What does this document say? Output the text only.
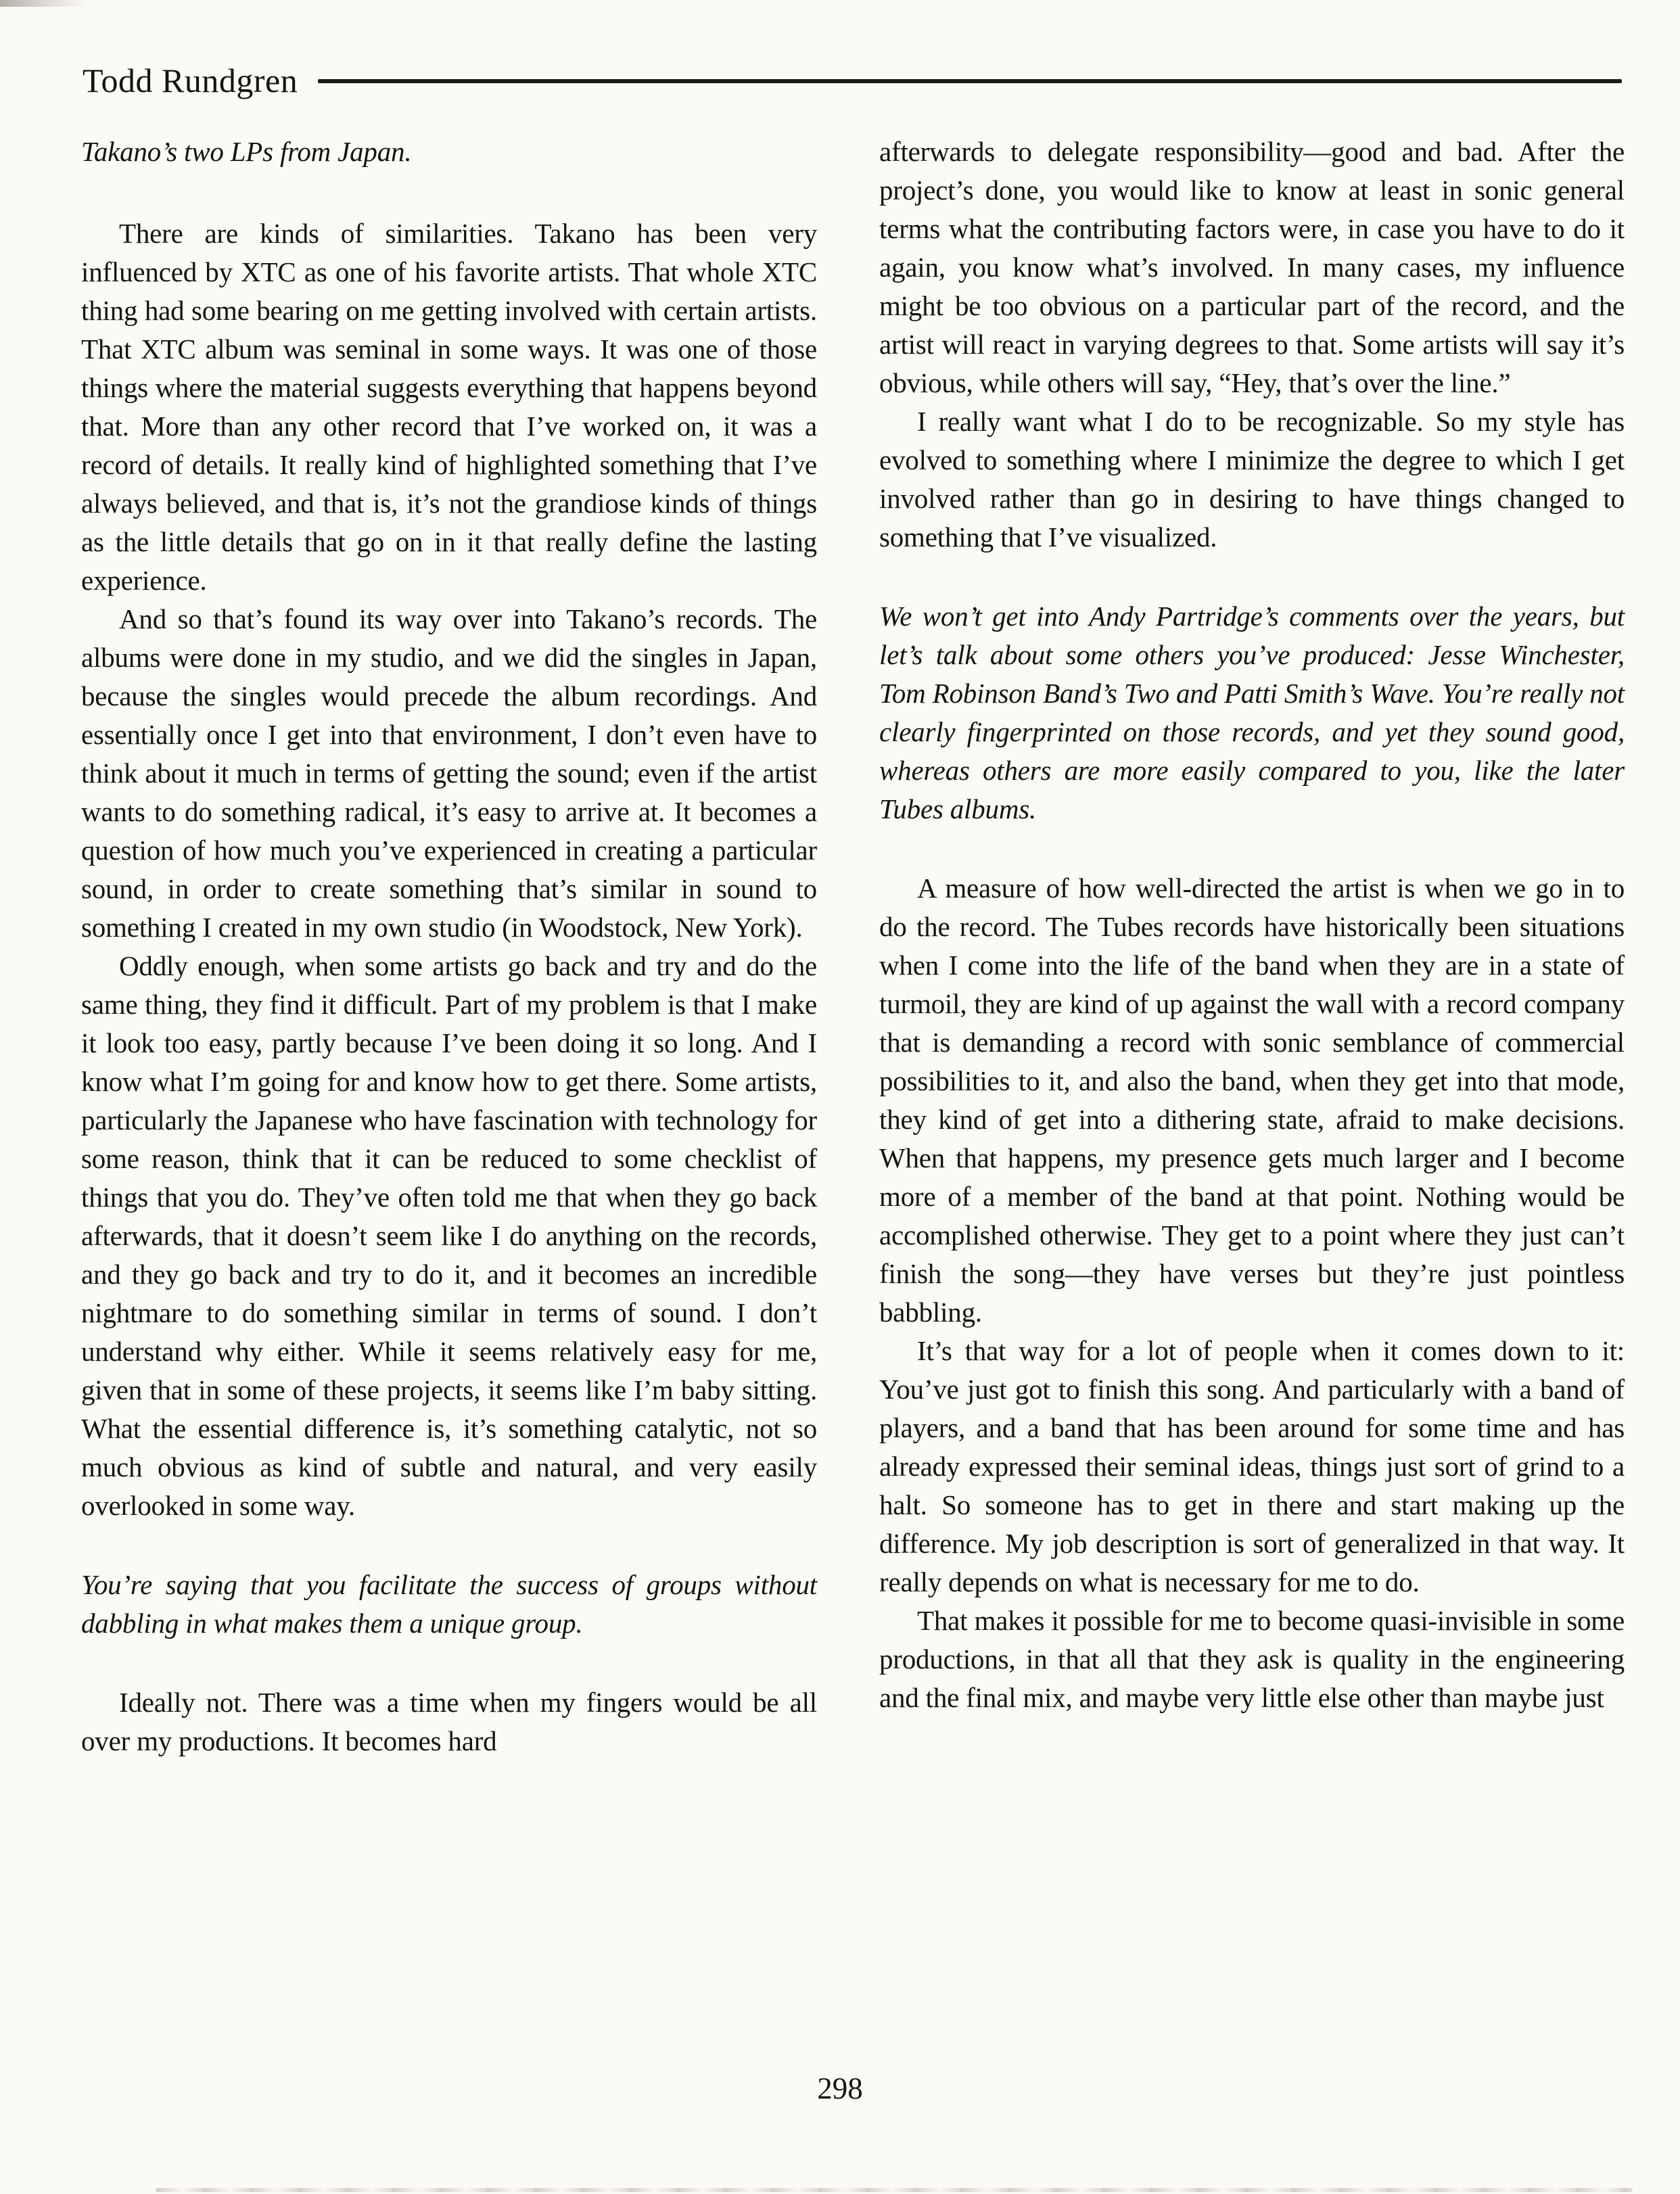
Todd Rundgren

Takano’s two LPs from Japan.

There are kinds of similarities. Takano has been very influenced by XTC as one of his favorite artists. That whole XTC thing had some bearing on me getting involved with certain artists. That XTC album was seminal in some ways. It was one of those things where the material suggests everything that happens beyond that. More than any other record that I’ve worked on, it was a record of details. It really kind of highlighted something that I’ve always believed, and that is, it’s not the grandiose kinds of things as the little details that go on in it that really define the lasting experience.

And so that’s found its way over into Takano’s records. The albums were done in my studio, and we did the singles in Japan, because the singles would precede the album recordings. And essentially once I get into that environment, I don’t even have to think about it much in terms of getting the sound; even if the artist wants to do something radical, it’s easy to arrive at. It becomes a question of how much you’ve experienced in creating a particular sound, in order to create something that’s similar in sound to something I created in my own studio (in Woodstock, New York).

Oddly enough, when some artists go back and try and do the same thing, they find it difficult. Part of my problem is that I make it look too easy, partly because I’ve been doing it so long. And I know what I’m going for and know how to get there. Some artists, particularly the Japanese who have fascination with technology for some reason, think that it can be reduced to some checklist of things that you do. They’ve often told me that when they go back afterwards, that it doesn’t seem like I do anything on the records, and they go back and try to do it, and it becomes an incredible nightmare to do something similar in terms of sound. I don’t understand why either. While it seems relatively easy for me, given that in some of these projects, it seems like I’m baby sitting. What the essential difference is, it’s something catalytic, not so much obvious as kind of subtle and natural, and very easily overlooked in some way.

You’re saying that you facilitate the success of groups without dabbling in what makes them a unique group.

Ideally not. There was a time when my fingers would be all over my productions. It becomes hard

afterwards to delegate responsibility—good and bad. After the project’s done, you would like to know at least in sonic general terms what the contributing factors were, in case you have to do it again, you know what’s involved. In many cases, my influence might be too obvious on a particular part of the record, and the artist will react in varying degrees to that. Some artists will say it’s obvious, while others will say, “Hey, that’s over the line.”

I really want what I do to be recognizable. So my style has evolved to something where I minimize the degree to which I get involved rather than go in desiring to have things changed to something that I’ve visualized.

We won’t get into Andy Partridge’s comments over the years, but let’s talk about some others you’ve produced: Jesse Winchester, Tom Robinson Band’s Two and Patti Smith’s Wave. You’re really not clearly fingerprinted on those records, and yet they sound good, whereas others are more easily compared to you, like the later Tubes albums.

A measure of how well-directed the artist is when we go in to do the record. The Tubes records have historically been situations when I come into the life of the band when they are in a state of turmoil, they are kind of up against the wall with a record company that is demanding a record with sonic semblance of commercial possibilities to it, and also the band, when they get into that mode, they kind of get into a dithering state, afraid to make decisions. When that happens, my presence gets much larger and I become more of a member of the band at that point. Nothing would be accomplished otherwise. They get to a point where they just can’t finish the song—they have verses but they’re just pointless babbling.

It’s that way for a lot of people when it comes down to it: You’ve just got to finish this song. And particularly with a band of players, and a band that has been around for some time and has already expressed their seminal ideas, things just sort of grind to a halt. So someone has to get in there and start making up the difference. My job description is sort of generalized in that way. It really depends on what is necessary for me to do.

That makes it possible for me to become quasi-invisible in some productions, in that all that they ask is quality in the engineering and the final mix, and maybe very little else other than maybe just

298
